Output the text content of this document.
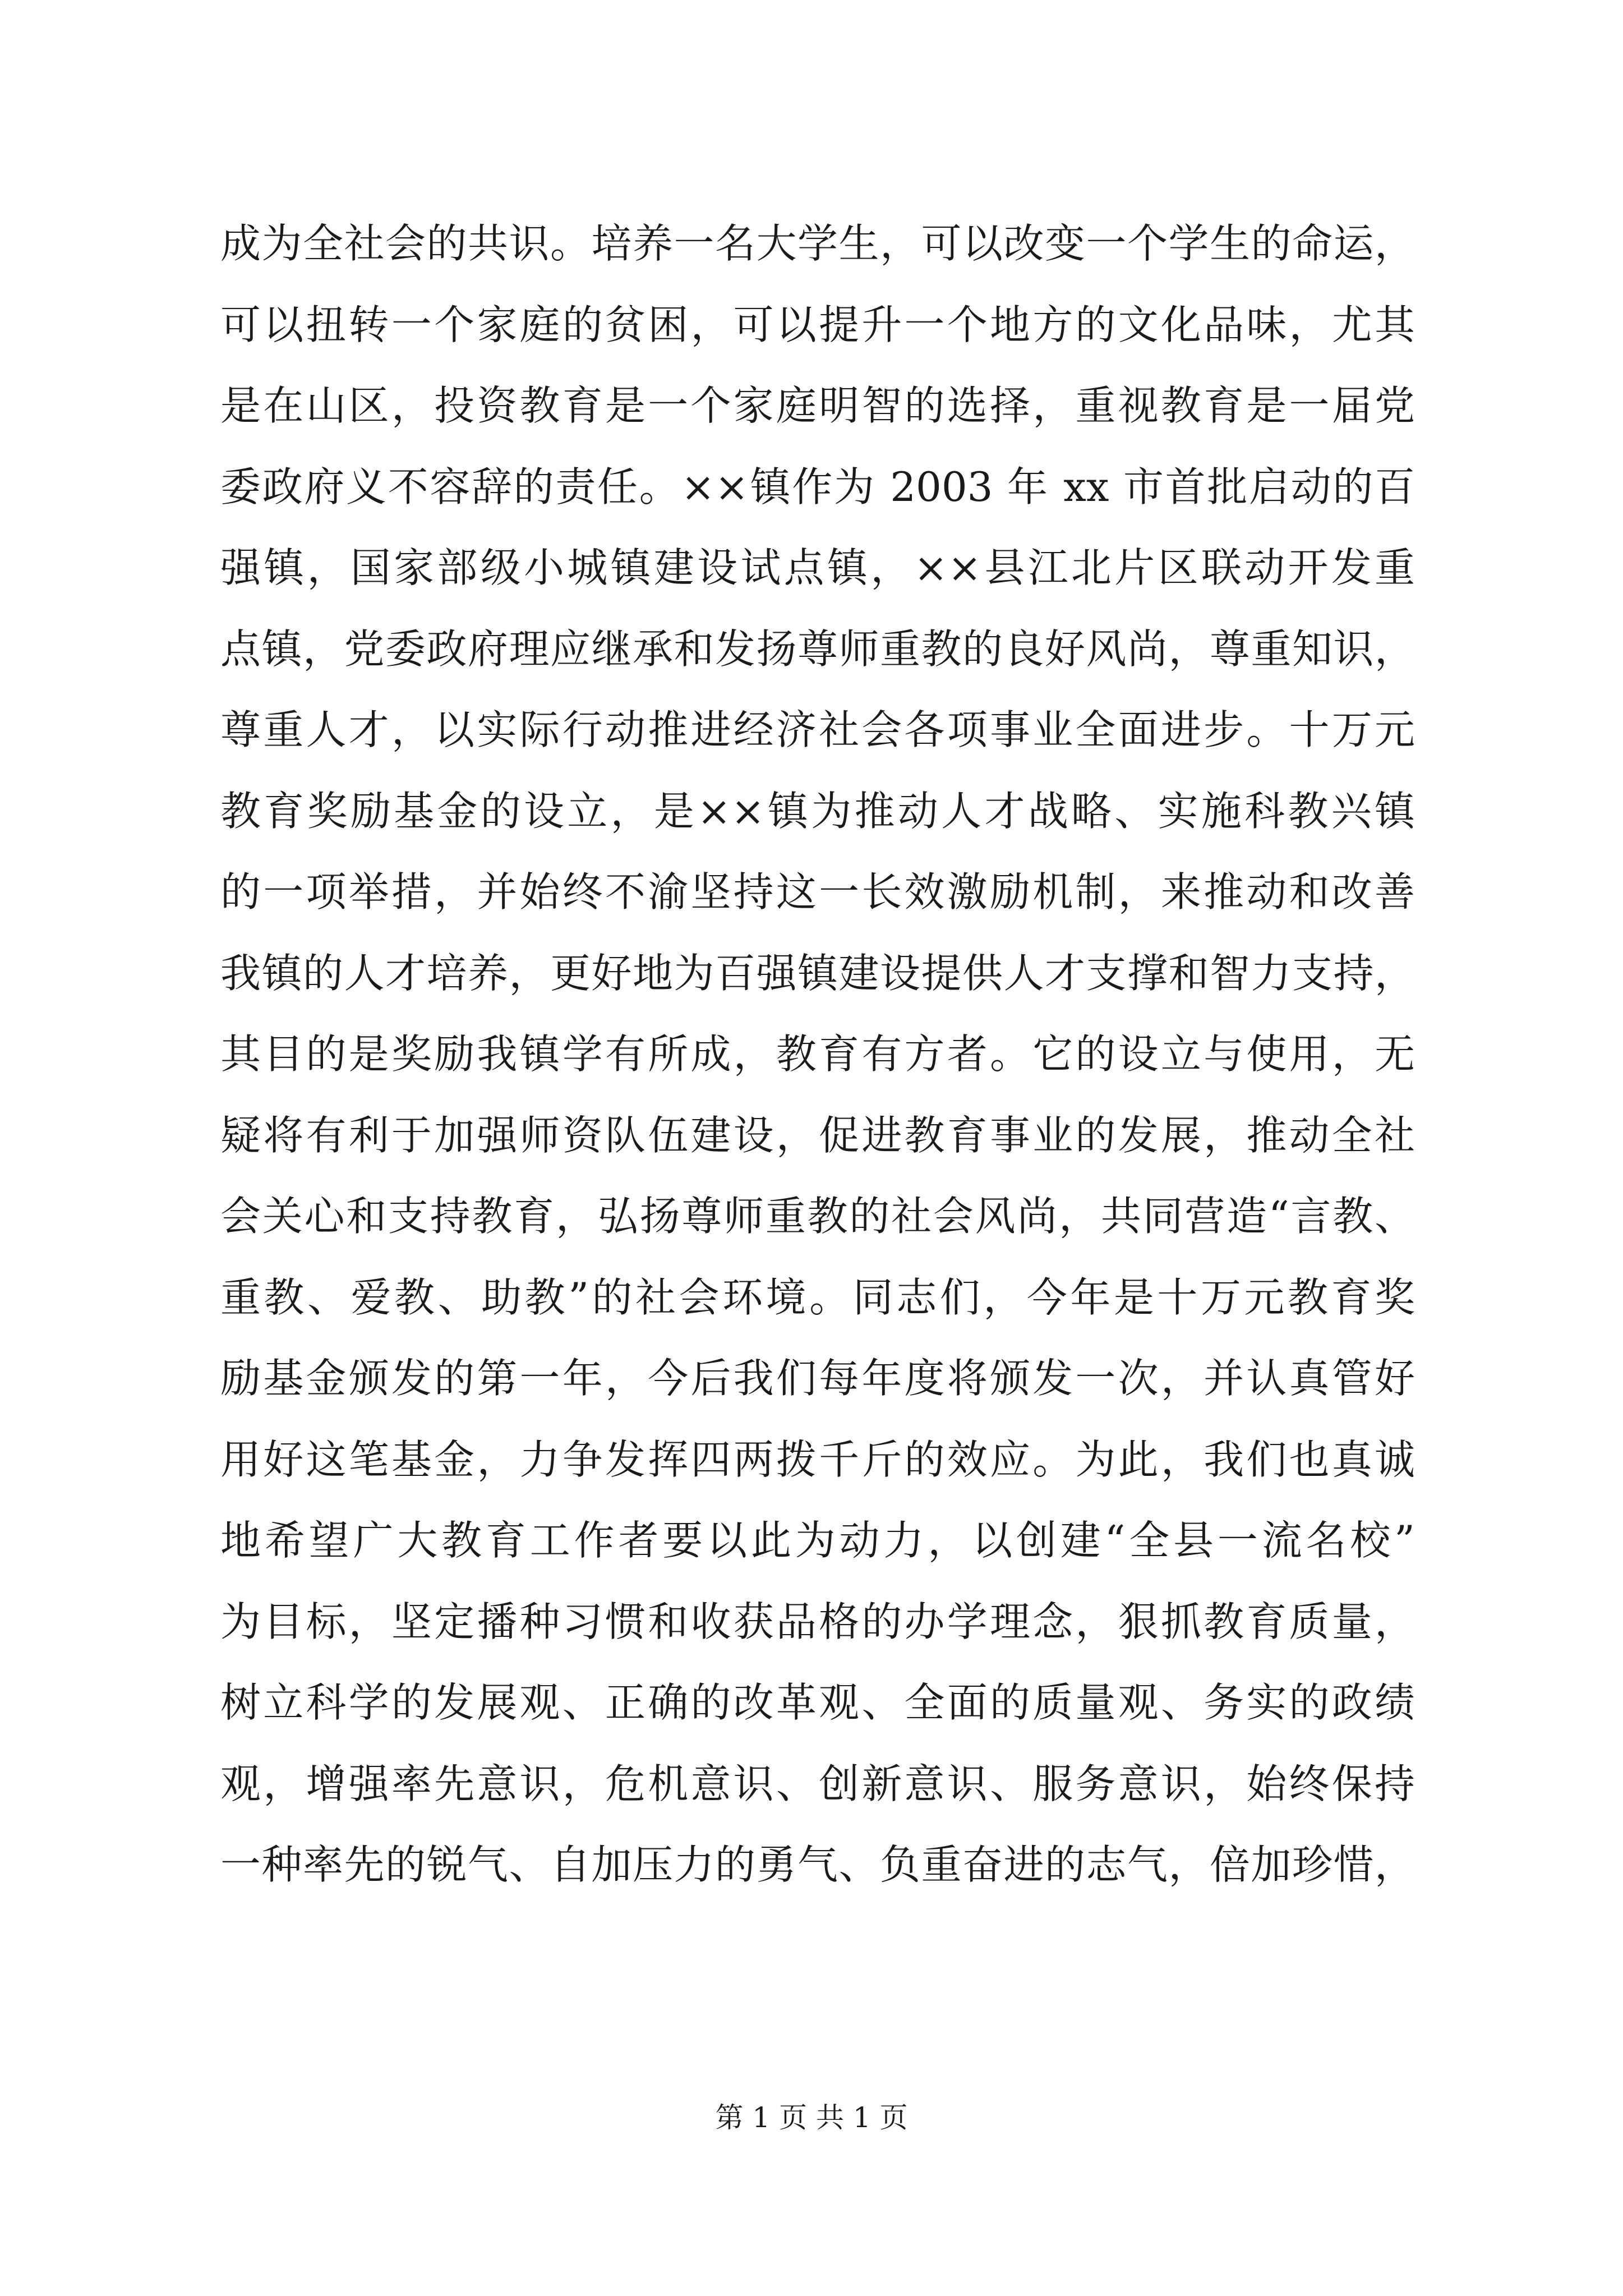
成为全社会的共识。培养一名大学生，可以改变一个学生的命运，
可以扭转一个家庭的贫困，可以提升一个地方的文化品味，尤其
是在山区，投资教育是一个家庭明智的选择，重视教育是一届党
委政府义不容辞的责任。××镇作为 2003 年 xx 市首批启动的百
强镇，国家部级小城镇建设试点镇，××县江北片区联动开发重
点镇，党委政府理应继承和发扬尊师重教的良好风尚，尊重知识，
尊重人才，以实际行动推进经济社会各项事业全面进步。十万元
教育奖励基金的设立，是××镇为推动人才战略、实施科教兴镇
的一项举措，并始终不渝坚持这一长效激励机制，来推动和改善
我镇的人才培养，更好地为百强镇建设提供人才支撑和智力支持，
其目的是奖励我镇学有所成，教育有方者。它的设立与使用，无
疑将有利于加强师资队伍建设，促进教育事业的发展，推动全社
会关心和支持教育，弘扬尊师重教的社会风尚，共同营造“言教、
重教、爱教、助教”的社会环境。同志们，今年是十万元教育奖
励基金颁发的第一年，今后我们每年度将颁发一次，并认真管好
用好这笔基金，力争发挥四两拨千斤的效应。为此，我们也真诚
地希望广大教育工作者要以此为动力，以创建“全县一流名校”
为目标，坚定播种习惯和收获品格的办学理念，狠抓教育质量，
树立科学的发展观、正确的改革观、全面的质量观、务实的政绩
观，增强率先意识，危机意识、创新意识、服务意识，始终保持
一种率先的锐气、自加压力的勇气、负重奋进的志气，倍加珍惜，
第 1 页 共 1 页
